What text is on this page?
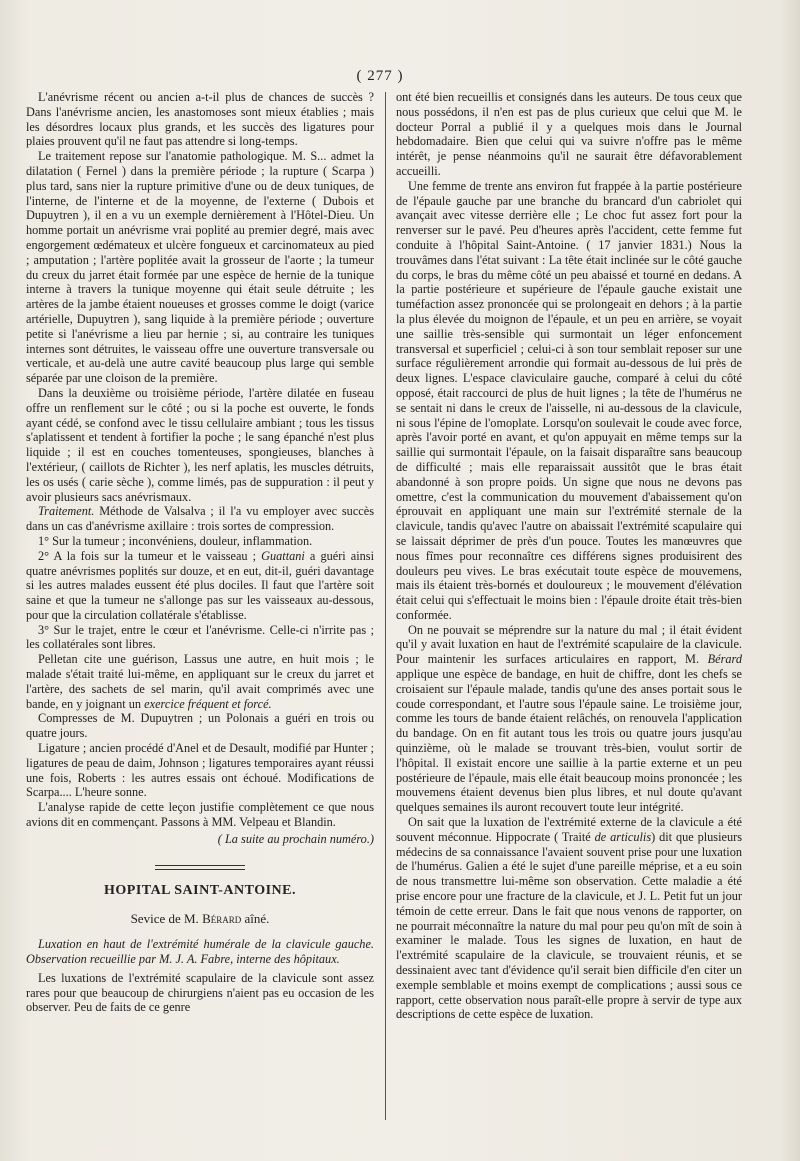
( 277 )

L'anévrisme récent ou ancien a-t-il plus de chances de succès ? Dans l'anévrisme ancien, les anastomoses sont mieux établies ; mais les désordres locaux plus grands, et les succès des ligatures pour plaies prouvent qu'il ne faut pas attendre si long-temps.

Le traitement repose sur l'anatomie pathologique. M. S... admet la dilatation ( Fernel ) dans la première période ; la rupture ( Scarpa ) plus tard, sans nier la rupture primitive d'une ou de deux tuniques, de l'interne, de l'interne et de la moyenne, de l'externe ( Dubois et Dupuytren ), il en a vu un exemple dernièrement à l'Hôtel-Dieu. Un homme portait un anévrisme vrai poplité au premier degré, mais avec engorgement œdémateux et ulcère fongueux et carcinomateux au pied ; amputation ; l'artère poplitée avait la grosseur de l'aorte ; la tumeur du creux du jarret était formée par une espèce de hernie de la tunique interne à travers la tunique moyenne qui était seule détruite ; les artères de la jambe étaient noueuses et grosses comme le doigt (varice artérielle, Dupuytren ), sang liquide à la première période ; ouverture petite si l'anévrisme a lieu par hernie ; si, au contraire les tuniques internes sont détruites, le vaisseau offre une ouverture transversale ou verticale, et au-delà une autre cavité beaucoup plus large qui semble séparée par une cloison de la première.

Dans la deuxième ou troisième période, l'artère dilatée en fuseau offre un renflement sur le côté ; ou si la poche est ouverte, le fonds ayant cédé, se confond avec le tissu cellulaire ambiant ; tous les tissus s'aplatissent et tendent à fortifier la poche ; le sang épanché n'est plus liquide ; il est en couches tomenteuses, spongieuses, blanches à l'extérieur, ( caillots de Richter ), les nerf aplatis, les muscles détruits, les os usés ( carie sèche ), comme limés, pas de suppuration : il peut y avoir plusieurs sacs anévrismaux.

Traitement. Méthode de Valsalva ; il l'a vu employer avec succès dans un cas d'anévrisme axillaire : trois sortes de compression.

1° Sur la tumeur ; inconvéniens, douleur, inflammation.

2° A la fois sur la tumeur et le vaisseau ; Guattani a guéri ainsi quatre anévrismes poplités sur douze, et en eut, dit-il, guéri davantage si les autres malades eussent été plus dociles. Il faut que l'artère soit saine et que la tumeur ne s'allonge pas sur les vaisseaux au-dessous, pour que la circulation collatérale s'établisse.

3° Sur le trajet, entre le cœur et l'anévrisme. Celle-ci n'irrite pas ; les collatérales sont libres.

Pelletan cite une guérison, Lassus une autre, en huit mois ; le malade s'était traité lui-même, en appliquant sur le creux du jarret et l'artère, des sachets de sel marin, qu'il avait comprimés avec une bande, en y joignant un exercice fréquent et forcé.

Compresses de M. Dupuytren ; un Polonais a guéri en trois ou quatre jours.

Ligature ; ancien procédé d'Anel et de Desault, modifié par Hunter ; ligatures de peau de daim, Johnson ; ligatures temporaires ayant réussi une fois, Roberts : les autres essais ont échoué. Modifications de Scarpa.... L'heure sonne.

L'analyse rapide de cette leçon justifie complètement ce que nous avions dit en commençant. Passons à MM. Velpeau et Blandin.

( La suite au prochain numéro.)
HOPITAL SAINT-ANTOINE.
Sevice de M. Bérard aîné.

Luxation en haut de l'extrémité humérale de la clavicule gauche. Observation recueillie par M. J. A. Fabre, interne des hôpitaux.

Les luxations de l'extrémité scapulaire de la clavicule sont assez rares pour que beaucoup de chirurgiens n'aient pas eu occasion de les observer. Peu de faits de ce genre

ont été bien recueillis et consignés dans les auteurs. De tous ceux que nous possédons, il n'en est pas de plus curieux que celui que M. le docteur Porral a publié il y a quelques mois dans le Journal hebdomadaire. Bien que celui qui va suivre n'offre pas le même intérêt, je pense néanmoins qu'il ne saurait être défavorablement accueilli.

Une femme de trente ans environ fut frappée à la partie postérieure de l'épaule gauche par une branche du brancard d'un cabriolet qui avançait avec vitesse derrière elle ; Le choc fut assez fort pour la renverser sur le pavé. Peu d'heures après l'accident, cette femme fut conduite à l'hôpital Saint-Antoine. ( 17 janvier 1831.) Nous la trouvâmes dans l'état suivant : La tête était inclinée sur le côté gauche du corps, le bras du même côté un peu abaissé et tourné en dedans. A la partie postérieure et supérieure de l'épaule gauche existait une tuméfaction assez prononcée qui se prolongeait en dehors ; à la partie la plus élevée du moignon de l'épaule, et un peu en arrière, se voyait une saillie très-sensible qui surmontait un léger enfoncement transversal et superficiel ; celui-ci à son tour semblait reposer sur une surface régulièrement arrondie qui formait au-dessous de lui près de deux lignes. L'espace claviculaire gauche, comparé à celui du côté opposé, était raccourci de plus de huit lignes ; la tête de l'humérus ne se sentait ni dans le creux de l'aisselle, ni au-dessous de la clavicule, ni sous l'épine de l'omoplate. Lorsqu'on soulevait le coude avec force, après l'avoir porté en avant, et qu'on appuyait en même temps sur la saillie qui surmontait l'épaule, on la faisait disparaître sans beaucoup de difficulté ; mais elle reparaissait aussitôt que le bras était abandonné à son propre poids. Un signe que nous ne devons pas omettre, c'est la communication du mouvement d'abaissement qu'on éprouvait en appliquant une main sur l'extrémité sternale de la clavicule, tandis qu'avec l'autre on abaissait l'extrémité scapulaire qui se laissait déprimer de près d'un pouce. Toutes les manœuvres que nous fîmes pour reconnaître ces différens signes produisirent des douleurs peu vives. Le bras exécutait toute espèce de mouvemens, mais ils étaient très-bornés et douloureux ; le mouvement d'élévation était celui qui s'effectuait le moins bien : l'épaule droite était très-bien conformée.

On ne pouvait se méprendre sur la nature du mal ; il était évident qu'il y avait luxation en haut de l'extrémité scapulaire de la clavicule. Pour maintenir les surfaces articulaires en rapport, M. Bérard applique une espèce de bandage, en huit de chiffre, dont les chefs se croisaient sur l'épaule malade, tandis qu'une des anses portait sous le coude correspondant, et l'autre sous l'épaule saine. Le troisième jour, comme les tours de bande étaient relâchés, on renouvela l'application du bandage. On en fit autant tous les trois ou quatre jours jusqu'au quinzième, où le malade se trouvant très-bien, voulut sortir de l'hôpital. Il existait encore une saillie à la partie externe et un peu postérieure de l'épaule, mais elle était beaucoup moins prononcée ; les mouvemens étaient devenus bien plus libres, et nul doute qu'avant quelques semaines ils auront recouvert toute leur intégrité.

On sait que la luxation de l'extrémité externe de la clavicule a été souvent méconnue. Hippocrate ( Traité de articulis) dit que plusieurs médecins de sa connaissance l'avaient souvent prise pour une luxation de l'humérus. Galien a été le sujet d'une pareille méprise, et a eu soin de nous transmettre lui-même son observation. Cette maladie a été prise encore pour une fracture de la clavicule, et J. L. Petit fut un jour témoin de cette erreur. Dans le fait que nous venons de rapporter, on ne pourrait méconnaître la nature du mal pour peu qu'on mît de soin à examiner le malade. Tous les signes de luxation, en haut de l'extrémité scapulaire de la clavicule, se trouvaient réunis, et se dessinaient avec tant d'évidence qu'il serait bien difficile d'en citer un exemple semblable et moins exempt de complications ; aussi sous ce rapport, cette observation nous paraît-elle propre à servir de type aux descriptions de cette espèce de luxation.
